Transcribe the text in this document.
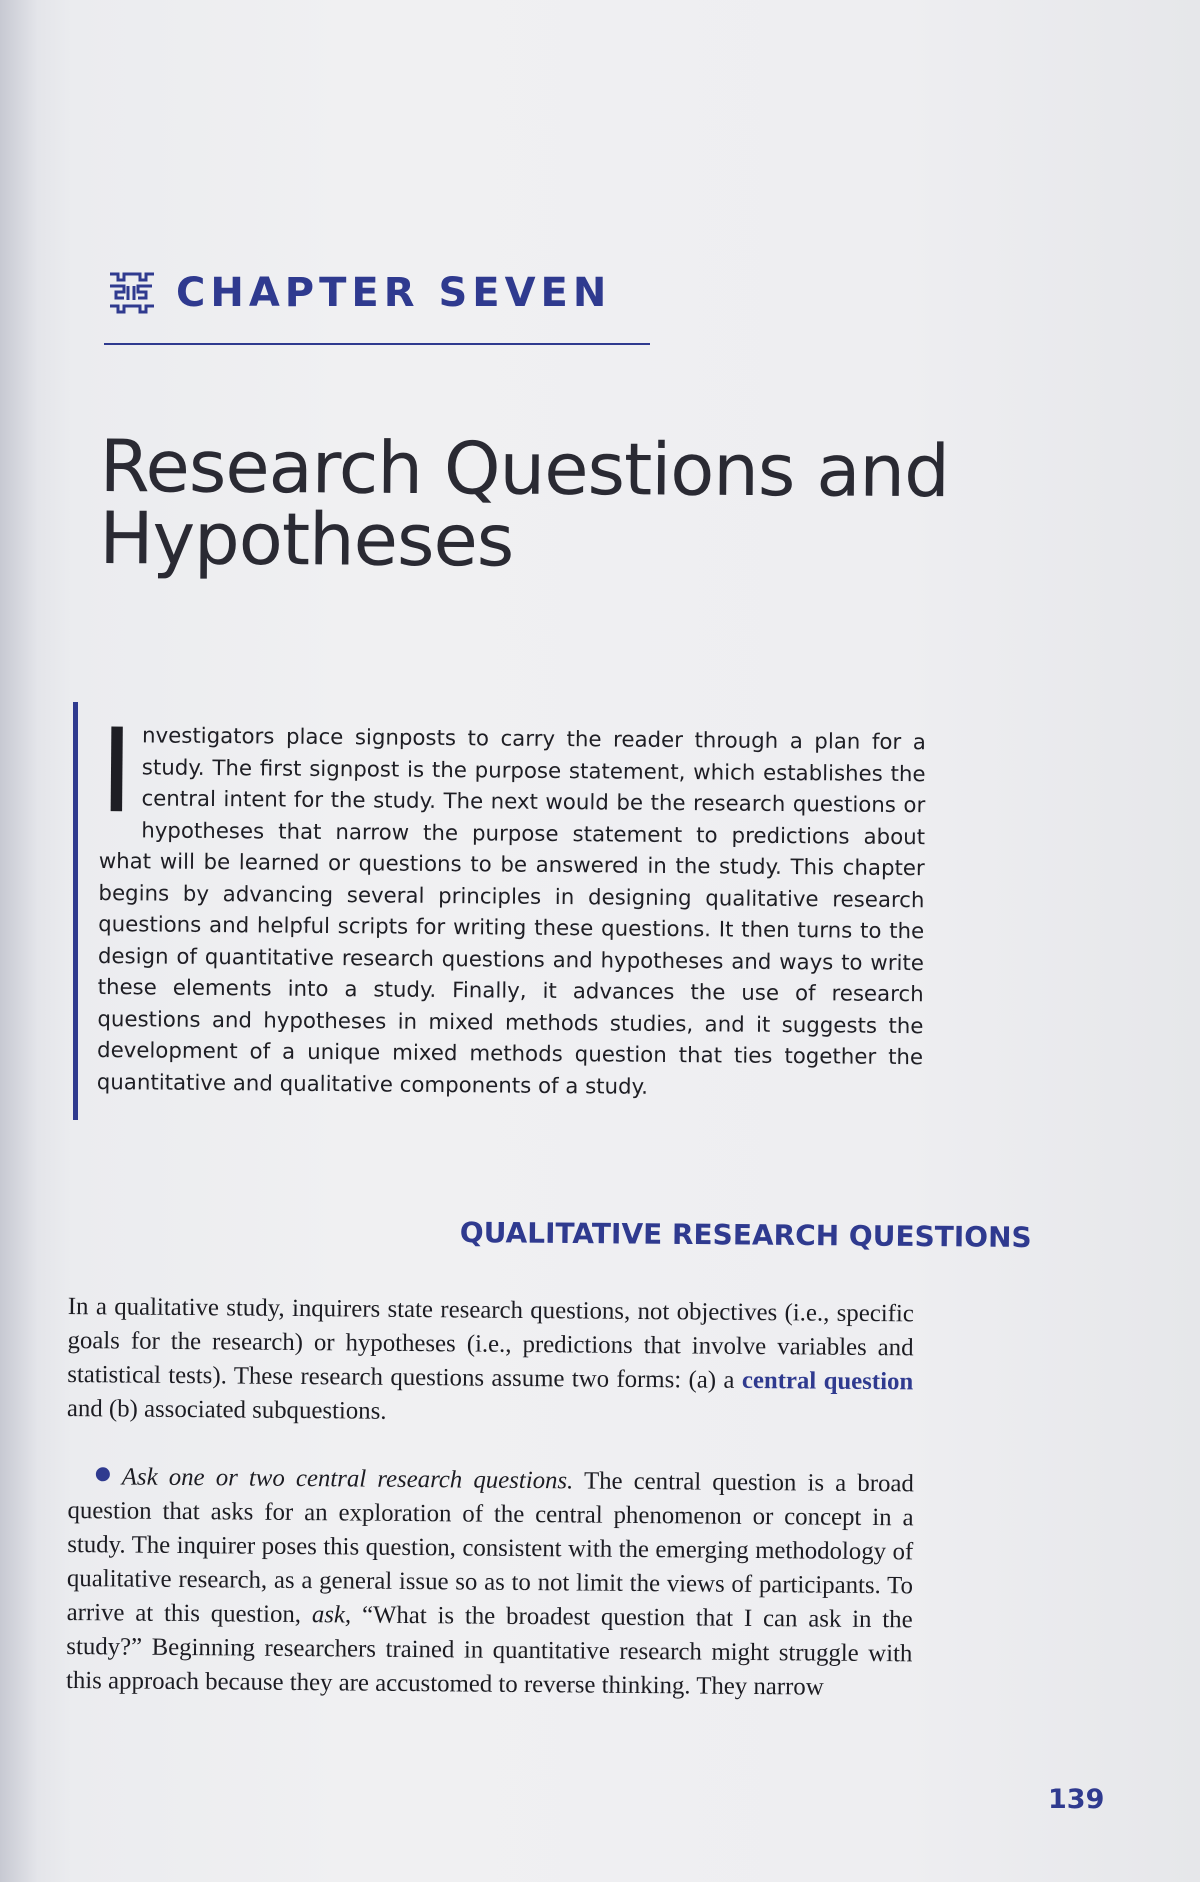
CHAPTER SEVEN
Research Questions and
Hypotheses
Investigators place signposts to carry the reader through a plan for a study. The first signpost is the purpose statement, which establishes the central intent for the study. The next would be the research questions or hypotheses that narrow the purpose statement to predictions about what will be learned or questions to be answered in the study. This chapter begins by advancing several principles in designing qualitative research questions and helpful scripts for writing these questions. It then turns to the design of quantitative research questions and hypotheses and ways to write these elements into a study. Finally, it advances the use of research questions and hypotheses in mixed methods studies, and it suggests the development of a unique mixed methods question that ties together the quantitative and qualitative components of a study.
QUALITATIVE RESEARCH QUESTIONS
In a qualitative study, inquirers state research questions, not objectives (i.e., specific goals for the research) or hypotheses (i.e., predictions that involve variables and statistical tests). These research questions assume two forms: (a) a central question and (b) associated subquestions.
Ask one or two central research questions. The central question is a broad question that asks for an exploration of the central phenomenon or concept in a study. The inquirer poses this question, consistent with the emerging methodology of qualitative research, as a general issue so as to not limit the views of participants. To arrive at this question, ask, “What is the broadest question that I can ask in the study?” Beginning researchers trained in quantitative research might struggle with this approach because they are accustomed to reverse thinking. They narrow
139
